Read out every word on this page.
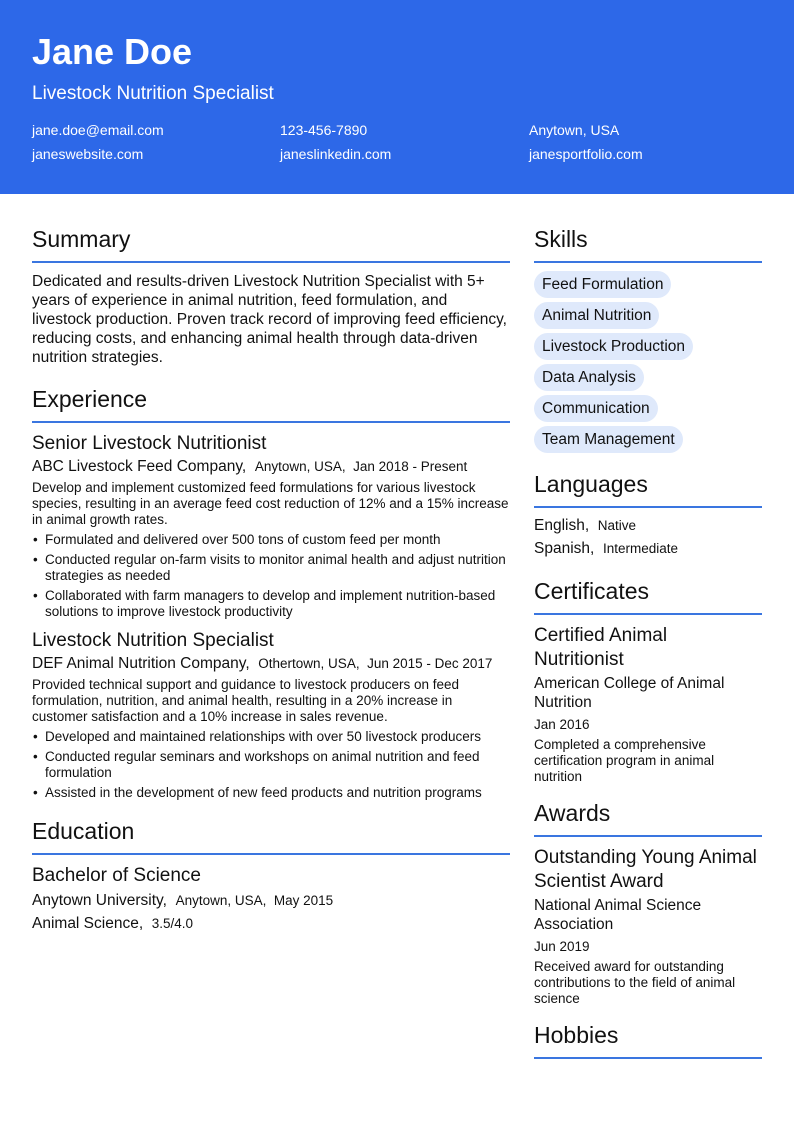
Jane Doe
Livestock Nutrition Specialist
jane.doe@email.com	123-456-7890	Anytown, USA
janeswebsite.com	janeslinkedin.com	janesportfolio.com
Summary

Dedicated and results-driven Livestock Nutrition Specialist with 5+ years of experience in animal nutrition, feed formulation, and livestock production. Proven track record of improving feed efficiency, reducing costs, and enhancing animal health through data-driven nutrition strategies.

Experience
Senior Livestock Nutritionist
ABC Livestock Feed Company,  Anytown, USA,  Jan 2018 - Present

Develop and implement customized feed formulations for various livestock species, resulting in an average feed cost reduction of 12% and a 15% increase in animal growth rates.

• Formulated and delivered over 500 tons of custom feed per month
• Conducted regular on-farm visits to monitor animal health and adjust nutrition strategies as needed
• Collaborated with farm managers to develop and implement nutrition-based solutions to improve livestock productivity
Livestock Nutrition Specialist
DEF Animal Nutrition Company,  Othertown, USA,  Jun 2015 - Dec 2017

Provided technical support and guidance to livestock producers on feed formulation, nutrition, and animal health, resulting in a 20% increase in customer satisfaction and a 10% increase in sales revenue.

• Developed and maintained relationships with over 50 livestock producers
• Conducted regular seminars and workshops on animal nutrition and feed formulation
• Assisted in the development of new feed products and nutrition programs
Education
Bachelor of Science
Anytown University,  Anytown, USA,  May 2015
Animal Science,  3.5/4.0
Skills
Feed Formulation
Animal Nutrition
Livestock Production
Data Analysis
Communication
Team Management
Languages
English,  Native
Spanish,  Intermediate
Certificates
Certified Animal Nutritionist
American College of Animal Nutrition
Jan 2016
Completed a comprehensive certification program in animal nutrition
Awards
Outstanding Young Animal Scientist Award
National Animal Science Association
Jun 2019
Received award for outstanding contributions to the field of animal science
Hobbies
